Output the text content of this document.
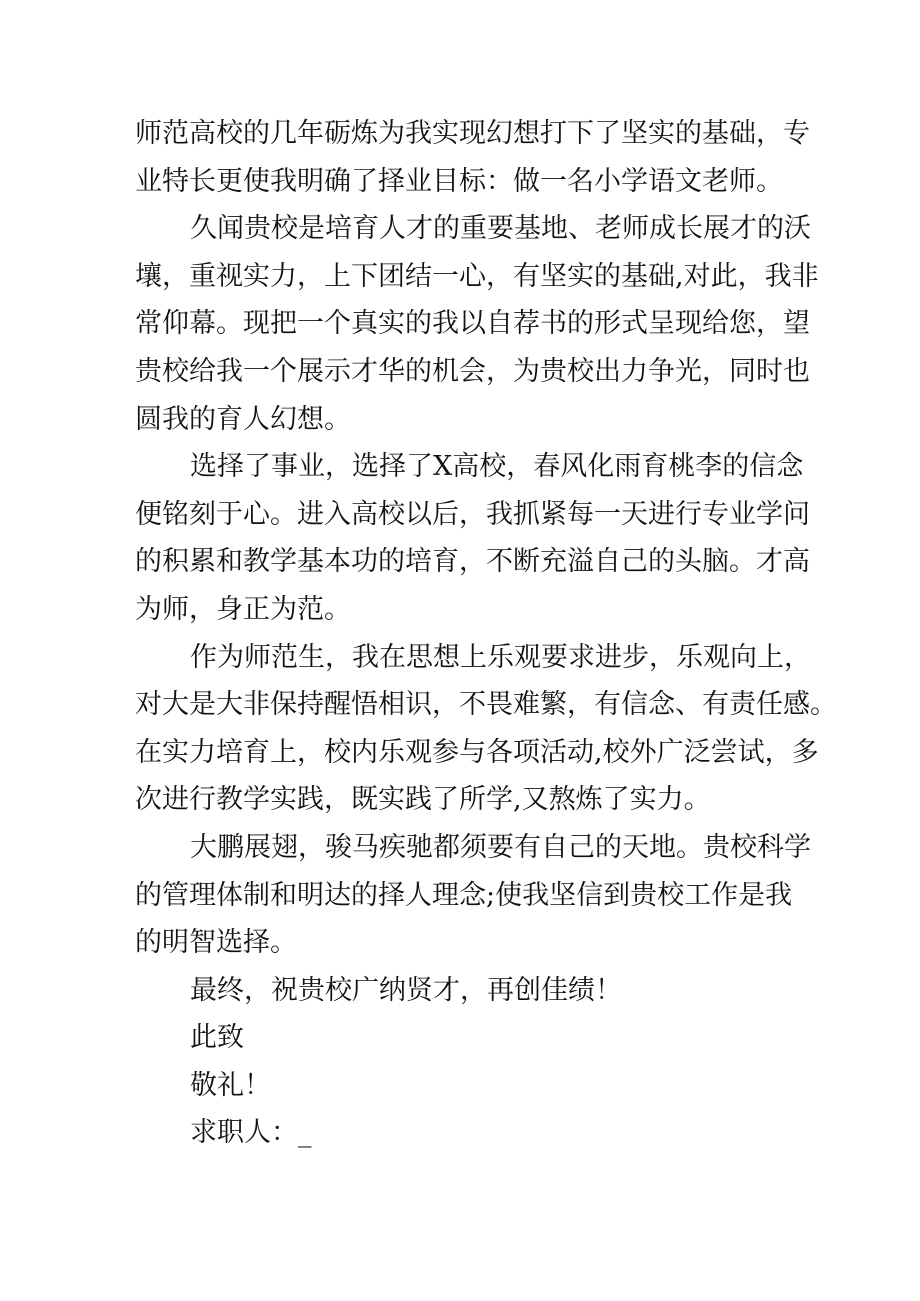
师范高校的几年砺炼为我实现幻想打下了坚实的基础，专
业特长更使我明确了择业目标：做一名小学语文老师。
久闻贵校是培育人才的重要基地、老师成长展才的沃
壤，重视实力，上下团结一心，有坚实的基础,对此，我非
常仰幕。现把一个真实的我以自荐书的形式呈现给您，望
贵校给我一个展示才华的机会，为贵校出力争光，同时也
圆我的育人幻想。
选择了事业，选择了X高校，春风化雨育桃李的信念
便铭刻于心。进入高校以后，我抓紧每一天进行专业学问
的积累和教学基本功的培育，不断充溢自己的头脑。才高
为师，身正为范。
作为师范生，我在思想上乐观要求进步，乐观向上，
对大是大非保持醒悟相识，不畏难繁，有信念、有责任感。
在实力培育上，校内乐观参与各项活动,校外广泛尝试，多
次进行教学实践，既实践了所学,又熬炼了实力。
大鹏展翅，骏马疾驰都须要有自己的天地。贵校科学
的管理体制和明达的择人理念;使我坚信到贵校工作是我
的明智选择。
最终，祝贵校广纳贤才，再创佳绩！
此致
敬礼！
求职人：_
